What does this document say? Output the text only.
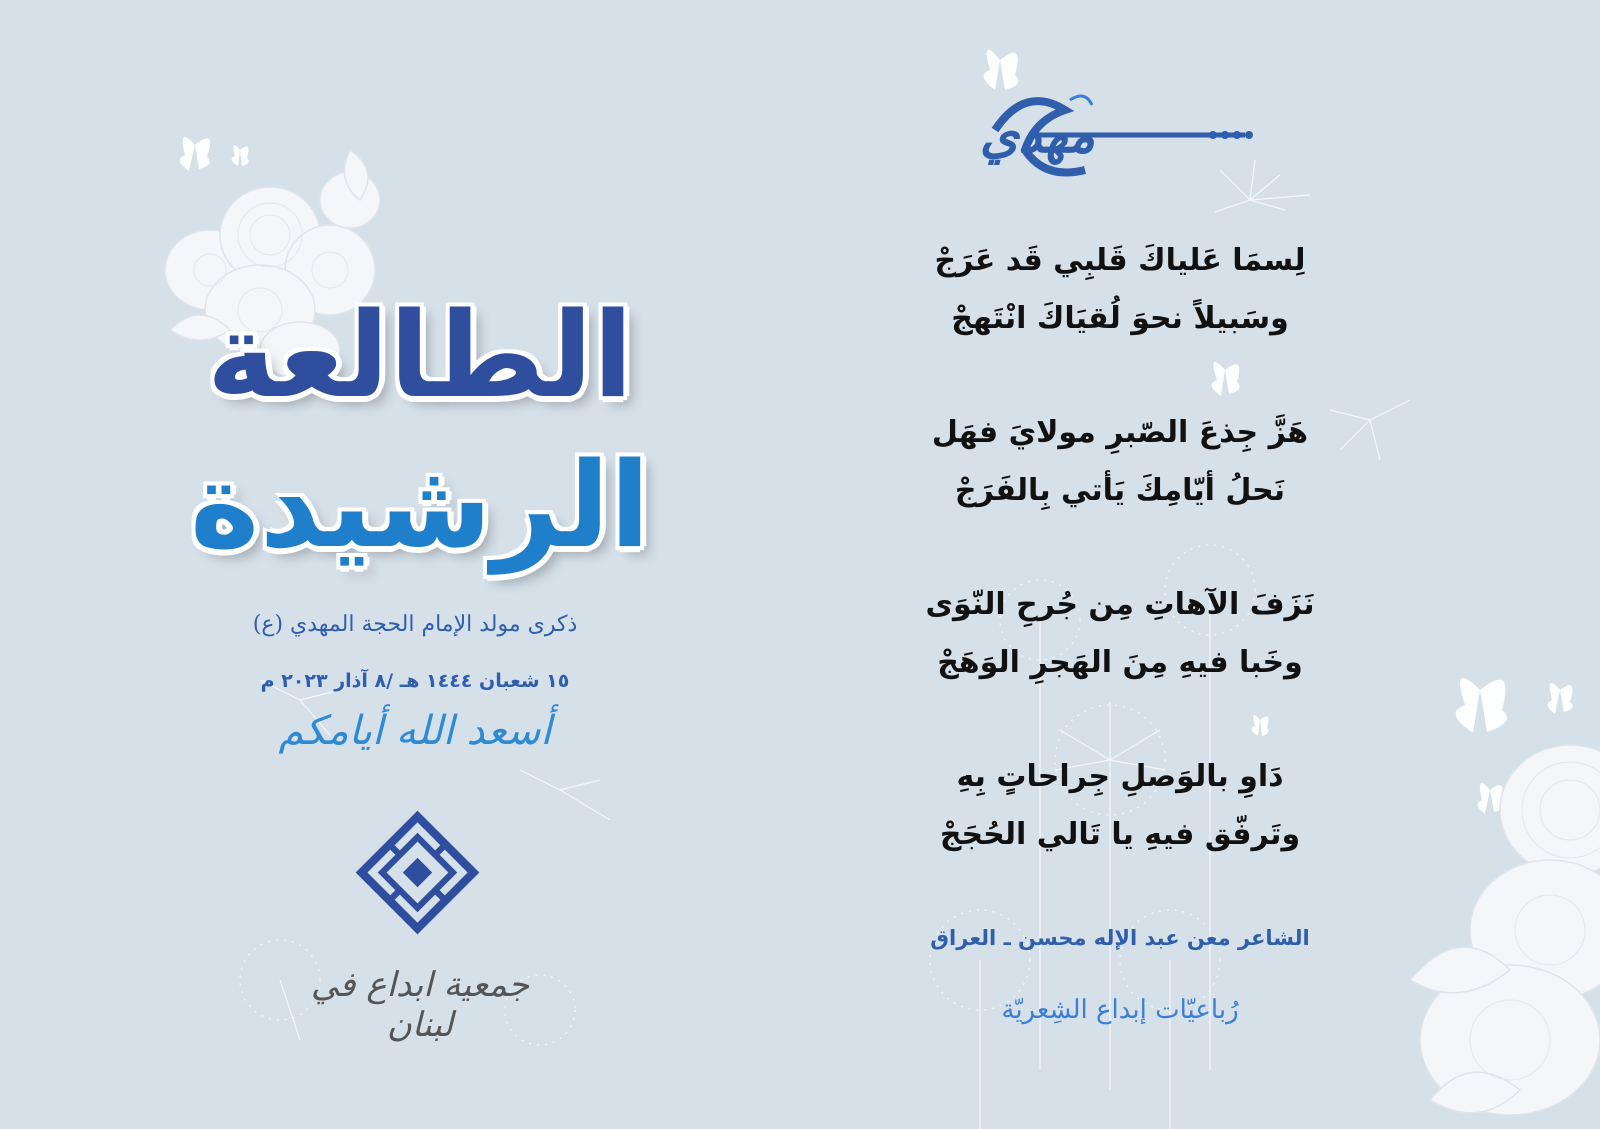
الطالعة
الرشيدة
ذكرى مولد الإمام الحجة المهدي (ع)
١٥ شعبان ١٤٤٤ هـ /٨ آذار ٢٠٢٣ م
أسعد الله أيامكم
جمعية ابداع في لبنان
مهدي
لِسمَا عَلياكَ قَلبِي قَد عَرَجْ
وسَبيلاً نحوَ لُقيَاكَ انْتَهجْ
هَزَّ جِذعَ الصّبرِ مولايَ فهَل
نَحلُ أيّامِكَ يَأتي بِالفَرَجْ
نَزَفَ الآهاتِ مِن جُرحِ النّوَى
وخَبا فيهِ مِنَ الهَجرِ الوَهَجْ
دَاوِ بالوَصلِ جِراحاتٍ بِهِ
وتَرفّق فيهِ يا تَالي الحُجَجْ
الشاعر معن عبد الإله محسن ـ العراق
رُباعيّات إبداع الشِعريّة
